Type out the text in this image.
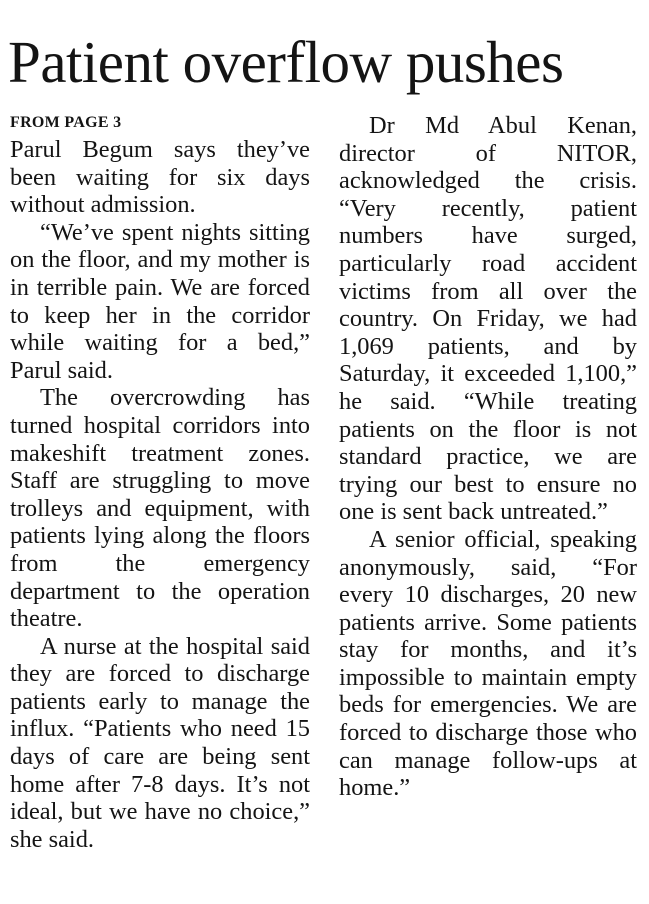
Patient overflow pushes
FROM PAGE 3

Parul Begum says they’ve been waiting for six days without admission.

“We’ve spent nights sitting on the floor, and my mother is in terrible pain. We are forced to keep her in the corridor while waiting for a bed,” Parul said.

The overcrowding has turned hospital corridors into makeshift treatment zones. Staff are struggling to move trolleys and equipment, with patients lying along the floors from the emergency department to the operation theatre.

A nurse at the hospital said they are forced to discharge patients early to manage the influx. “Patients who need 15 days of care are being sent home after 7-8 days. It’s not ideal, but we have no choice,” she said.

Dr Md Abul Kenan, director of NITOR, acknowledged the crisis. “Very recently, patient numbers have surged, particularly road accident victims from all over the country. On Friday, we had 1,069 patients, and by Saturday, it exceeded 1,100,” he said. “While treating patients on the floor is not standard practice, we are trying our best to ensure no one is sent back untreated.”

A senior official, speaking anonymously, said, “For every 10 discharges, 20 new patients arrive. Some patients stay for months, and it’s impossible to maintain empty beds for emergencies. We are forced to discharge those who can manage follow-ups at home.”
